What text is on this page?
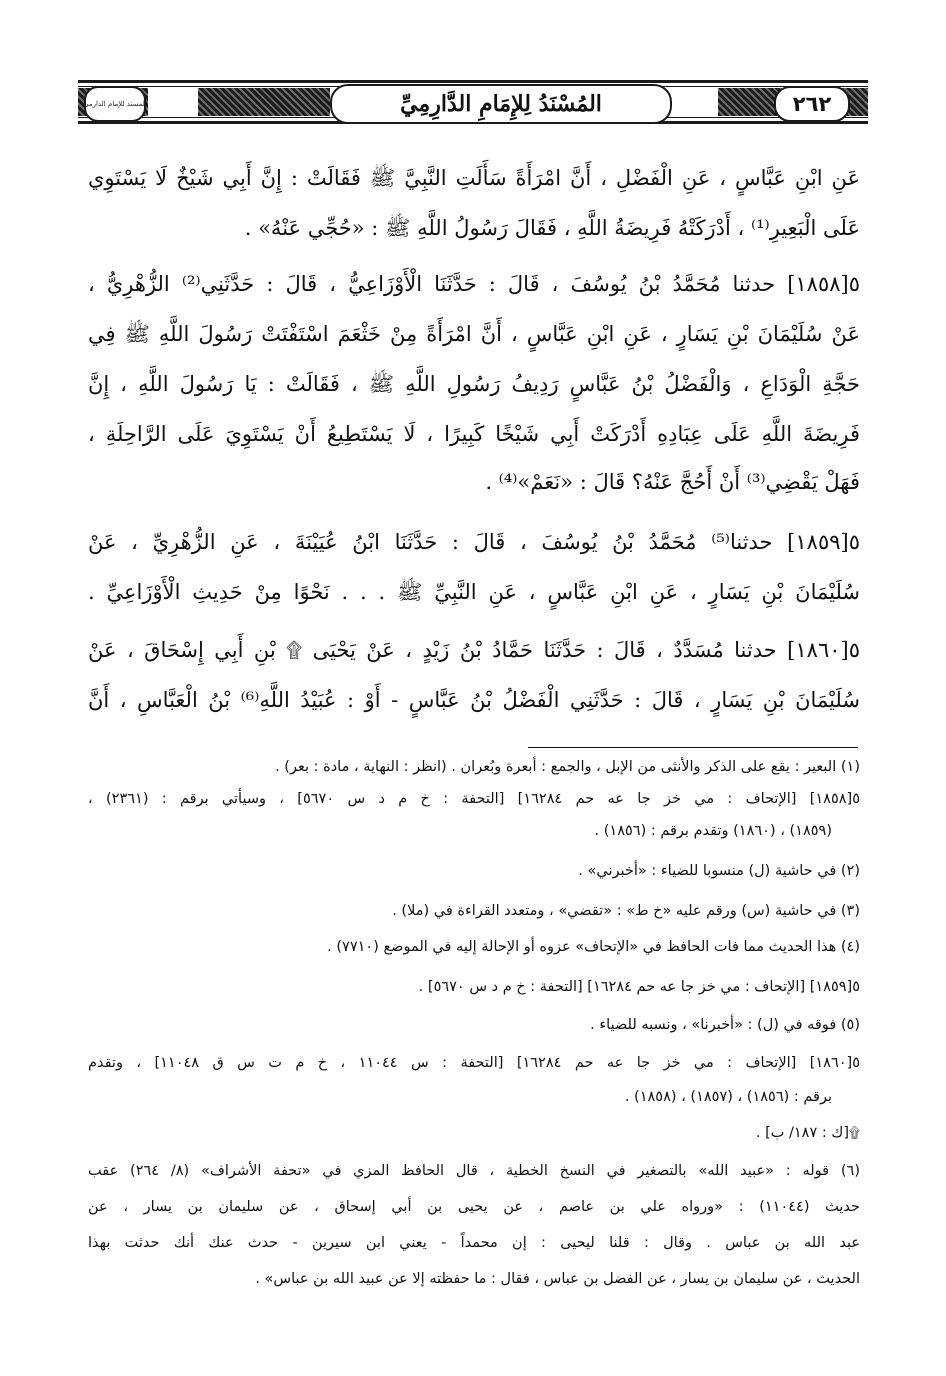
المسند للإمام الدارمي	المُسْنَدُ لِلإِمَامِ الدَّارِمِيِّ	٢٦٢
عَنِ ابْنِ عَبَّاسٍ ، عَنِ الْفَضْلِ ، أَنَّ امْرَأَةً سَأَلَتِ النَّبِيَّ ﷺ فَقَالَتْ : إِنَّ أَبِي شَيْخٌ لَا يَسْتَوِي
عَلَى الْبَعِيرِ⁽¹⁾ ، أَدْرَكَتْهُ فَرِيضَةُ اللَّهِ ، فَقَالَ رَسُولُ اللَّهِ ﷺ : «حُجِّي عَنْهُ» .
٥[١٨٥٨] حدثنا مُحَمَّدُ بْنُ يُوسُفَ ، قَالَ : حَدَّثَنَا الْأَوْزَاعِيُّ ، قَالَ : حَدَّثَنِي⁽²⁾ الزُّهْرِيُّ ،
عَنْ سُلَيْمَانَ بْنِ يَسَارٍ ، عَنِ ابْنِ عَبَّاسٍ ، أَنَّ امْرَأَةً مِنْ خَثْعَمَ اسْتَفْتَتْ رَسُولَ اللَّهِ ﷺ فِي
حَجَّةِ الْوَدَاعِ ، وَالْفَضْلُ بْنُ عَبَّاسٍ رَدِيفُ رَسُولِ اللَّهِ ﷺ ، فَقَالَتْ : يَا رَسُولَ اللَّهِ ، إِنَّ
فَرِيضَةَ اللَّهِ عَلَى عِبَادِهِ أَدْرَكَتْ أَبِي شَيْخًا كَبِيرًا ، لَا يَسْتَطِيعُ أَنْ يَسْتَوِيَ عَلَى الرَّاحِلَةِ ،
فَهَلْ يَقْضِي⁽³⁾ أَنْ أَحُجَّ عَنْهُ؟ قَالَ : «نَعَمْ»⁽⁴⁾ .
٥[١٨٥٩] حدثنا⁽⁵⁾ مُحَمَّدُ بْنُ يُوسُفَ ، قَالَ : حَدَّثَنَا ابْنُ عُيَيْنَةَ ، عَنِ الزُّهْرِيِّ ، عَنْ
سُلَيْمَانَ بْنِ يَسَارٍ ، عَنِ ابْنِ عَبَّاسٍ ، عَنِ النَّبِيِّ ﷺ . . . نَحْوًا مِنْ حَدِيثِ الْأَوْزَاعِيِّ .
٥[١٨٦٠] حدثنا مُسَدَّدٌ ، قَالَ : حَدَّثَنَا حَمَّادُ بْنُ زَيْدٍ ، عَنْ يَحْيَى ۩ بْنِ أَبِي إِسْحَاقَ ، عَنْ
سُلَيْمَانَ بْنِ يَسَارٍ ، قَالَ : حَدَّثَنِي الْفَضْلُ بْنُ عَبَّاسٍ - أَوْ : عُبَيْدُ اللَّهِ⁽⁶⁾ بْنُ الْعَبَّاسِ ، أَنَّ
(١) البعير : يقع على الذكر والأنثى من الإبل ، والجمع : أبعرة وبُعران . (انظر : النهاية ، مادة : بعر) .
٥[١٨٥٨] [الإتحاف : مي خز جا عه حم ١٦٢٨٤] [التحفة : خ م د س ٥٦٧٠] ، وسيأتي برقم : (٢٣٦١) ،
(١٨٥٩) ، (١٨٦٠) وتقدم برقم : (١٨٥٦) .
(٢) في حاشية (ل) منسوبا للضياء : «أخبرني» .
(٣) في حاشية (س) ورقم عليه «خ ط» : «تقضي» ، ومتعدد القراءة في (ملا) .
(٤) هذا الحديث مما فات الحافظ في «الإتحاف» عزوه أو الإحالة إليه في الموضع (٧٧١٠) .
٥[١٨٥٩] [الإتحاف : مي خز جا عه حم ١٦٢٨٤] [التحفة : خ م د س ٥٦٧٠] .
(٥) فوقه في (ل) : «أخبرنا» ، ونسبه للضياء .
٥[١٨٦٠] [الإتحاف : مي خز جا عه حم ١٦٢٨٤] [التحفة : س ١١٠٤٤ ، خ م ت س ق ١١٠٤٨] ، وتقدم
برقم : (١٨٥٦) ، (١٨٥٧) ، (١٨٥٨) .
۩[ك : ١٨٧/ ب] .
(٦) قوله : «عبيد الله» بالتصغير في النسخ الخطية ، قال الحافظ المزي في «تحفة الأشراف» (٨/ ٢٦٤) عقب
حديث (١١٠٤٤) : «ورواه علي بن عاصم ، عن يحيى بن أبي إسحاق ، عن سليمان بن يسار ، عن
عبد الله بن عباس . وقال : قلنا ليحيى : إن محمداً - يعني ابن سيرين - حدث عنك أنك حدثت بهذا
الحديث ، عن سليمان بن يسار ، عن الفضل بن عباس ، فقال : ما حفظته إلا عن عبيد الله بن عباس» .
